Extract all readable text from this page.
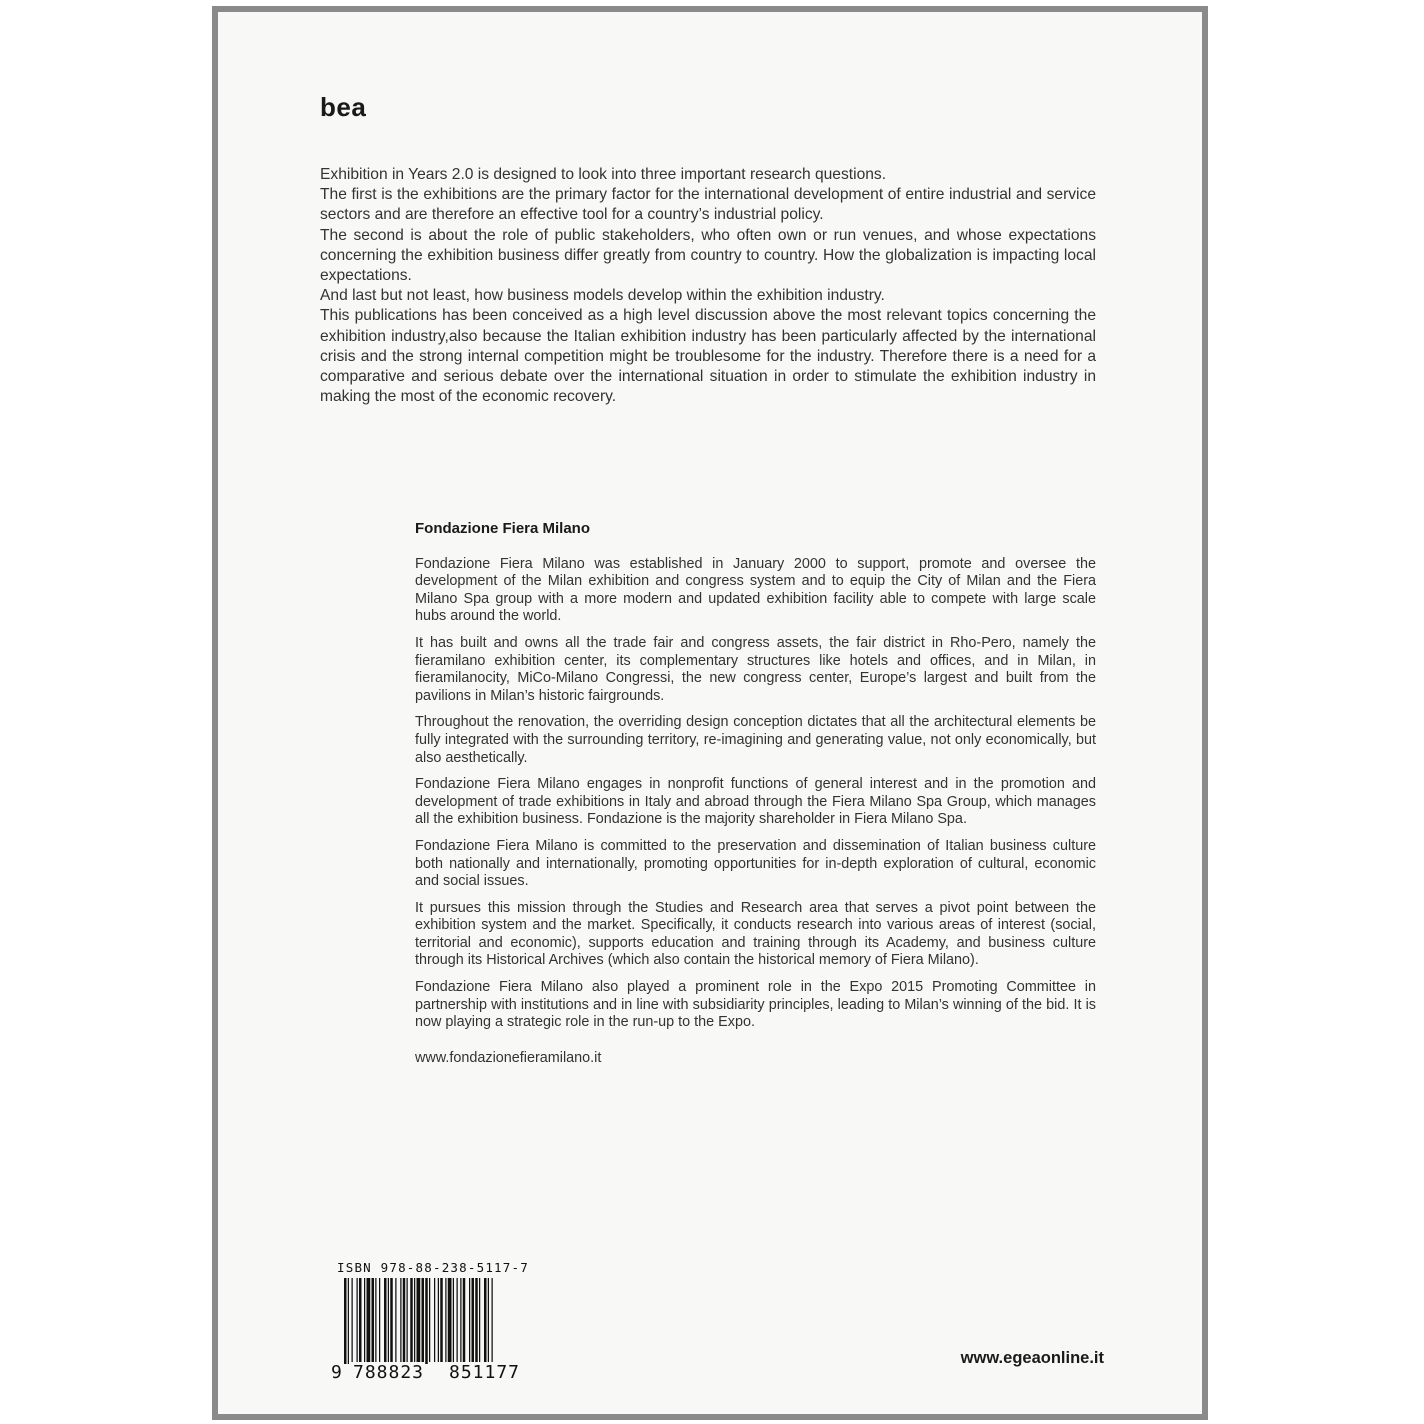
bea

Exhibition in Years 2.0 is designed to look into three important research questions.

The first is the exhibitions are the primary factor for the international development of entire industrial and service sectors and are therefore an effective tool for a country’s industrial policy.

The second is about the role of public stakeholders, who often own or run venues, and whose expectations concerning the exhibition business differ greatly from country to country. How the globalization is impacting local expectations.

And last but not least, how business models develop within the exhibition industry.

This publications has been conceived as a high level discussion above the most relevant topics concerning the exhibition industry,also because the Italian exhibition industry has been particularly affected by the international crisis and the strong internal competition might be troublesome for the industry. Therefore there is a need for a comparative and serious debate over the international situation in order to stimulate the exhibition industry in making the most of the economic recovery.

Fondazione Fiera Milano

Fondazione Fiera Milano was established in January 2000 to support, promote and oversee the development of the Milan exhibition and congress system and to equip the City of Milan and the Fiera Milano Spa group with a more modern and updated exhibition facility able to compete with large scale hubs around the world.

It has built and owns all the trade fair and congress assets, the fair district in Rho-Pero, namely the fieramilano exhibition center, its complementary structures like hotels and offices, and in Milan, in fieramilanocity, MiCo-Milano Congressi, the new congress center, Europe’s largest and built from the pavilions in Milan’s historic fairgrounds.

Throughout the renovation, the overriding design conception dictates that all the architectural elements be fully integrated with the surrounding territory, re-imagining and generating value, not only economically, but also aesthetically.

Fondazione Fiera Milano engages in nonprofit functions of general interest and in the promotion and development of trade exhibitions in Italy and abroad through the Fiera Milano Spa Group, which manages all the exhibition business. Fondazione is the majority shareholder in Fiera Milano Spa.

Fondazione Fiera Milano is committed to the preservation and dissemination of Italian business culture both nationally and internationally, promoting opportunities for in-depth exploration of cultural, economic and social issues.

It pursues this mission through the Studies and Research area that serves a pivot point between the exhibition system and the market. Specifically, it conducts research into various areas of interest (social, territorial and economic), supports education and training through its Academy, and business culture through its Historical Archives (which also contain the historical memory of Fiera Milano).

Fondazione Fiera Milano also played a prominent role in the Expo 2015 Promoting Committee in partnership with institutions and in line with subsidiarity principles, leading to Milan’s winning of the bid. It is now playing a strategic role in the run-up to the Expo.

www.fondazionefieramilano.it

ISBN 978-88-238-5117-7
9 788823 851177
www.egeaonline.it
